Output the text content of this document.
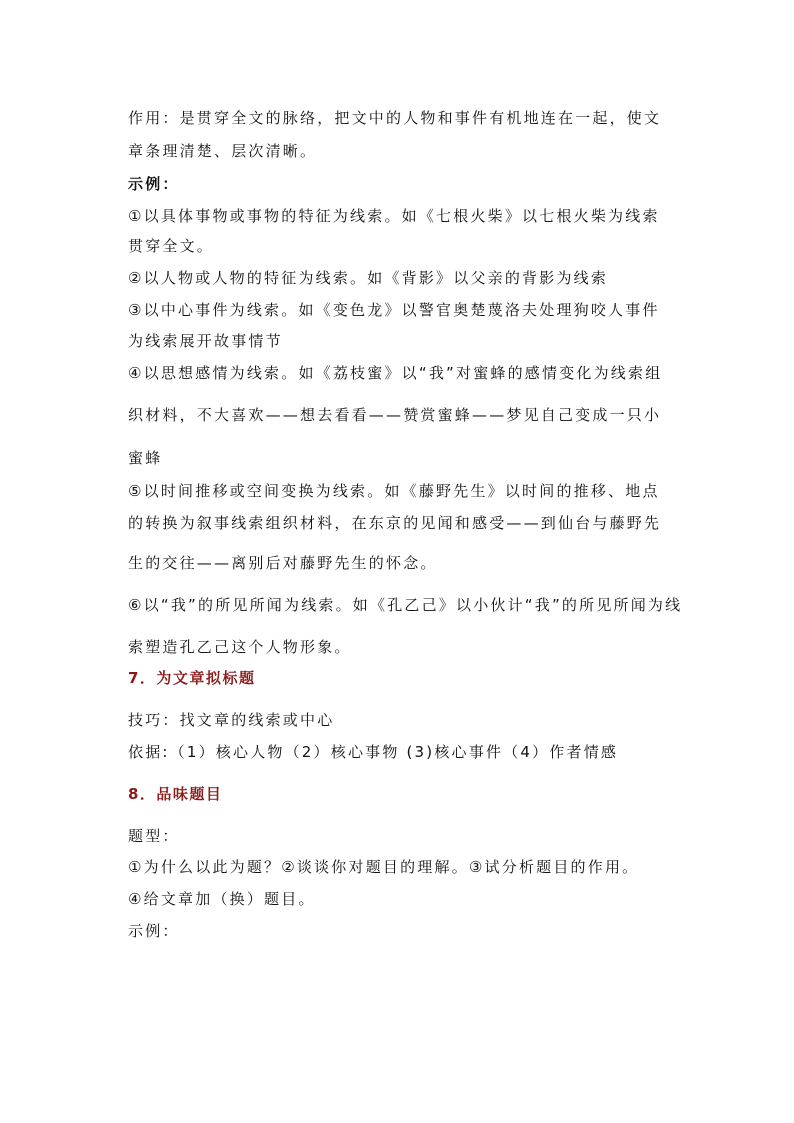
作用：是贯穿全文的脉络，把文中的人物和事件有机地连在一起，使文
章条理清楚、层次清晰。
示例：
①以具体事物或事物的特征为线索。如《七根火柴》以七根火柴为线索
贯穿全文。
②以人物或人物的特征为线索。如《背影》以父亲的背影为线索
③以中心事件为线索。如《变色龙》以警官奥楚蔑洛夫处理狗咬人事件
为线索展开故事情节
④以思想感情为线索。如《荔枝蜜》以“我”对蜜蜂的感情变化为线索组
织材料，不大喜欢——想去看看——赞赏蜜蜂——梦见自己变成一只小
蜜蜂
⑤以时间推移或空间变换为线索。如《藤野先生》以时间的推移、地点
的转换为叙事线索组织材料，在东京的见闻和感受——到仙台与藤野先
生的交往——离别后对藤野先生的怀念。
⑥以“我”的所见所闻为线索。如《孔乙己》以小伙计“我”的所见所闻为线
索塑造孔乙己这个人物形象。
7．为文章拟标题
技巧：找文章的线索或中心
依据:（1）核心人物（2）核心事物 (3)核心事件（4）作者情感
8．品味题目
题型：
①为什么以此为题？②谈谈你对题目的理解。③试分析题目的作用。
④给文章加（换）题目。
示例：
